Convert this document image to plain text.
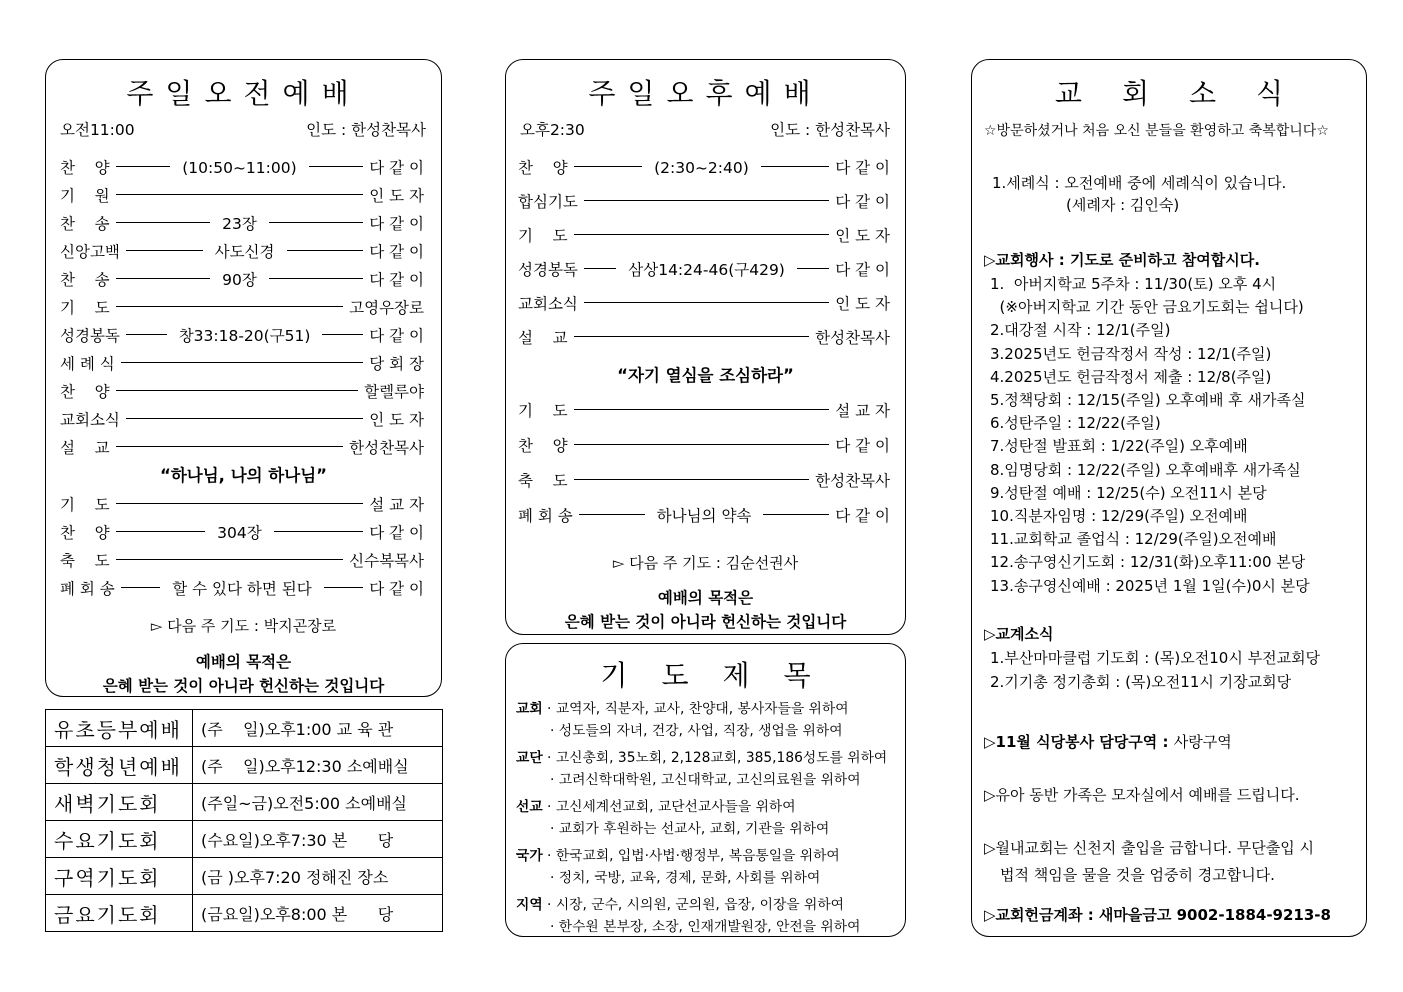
주일오전예배
오전11:00	인도 : 한성찬목사
찬    양	(10:50~11:00)	다 같 이
기    원	인 도 자
찬    송	23장	다 같 이
신앙고백	사도신경	다 같 이
찬    송	90장	다 같 이
기    도	고영우장로
성경봉독	창33:18-20(구51)	다 같 이
세 례 식	당 회 장
찬    양	할렐루야
교회소식	인 도 자
설    교	한성찬목사
“하나님, 나의 하나님”
기    도	설 교 자
찬    양	304장	다 같 이
축    도	신수복목사
폐 회 송	할 수 있다 하면 된다	다 같 이
▻ 다음 주 기도 : 박지곤장로
예배의 목적은
은혜 받는 것이 아니라 헌신하는 것입니다
유초등부예배	(주    일)오후1:00 교 육 관
학생청년예배	(주    일)오후12:30 소예배실
새벽기도회	(주일~금)오전5:00 소예배실
수요기도회	(수요일)오후7:30 본      당
구역기도회	(금 )오후7:20 정해진 장소
금요기도회	(금요일)오후8:00 본      당
주일오후예배
오후2:30	인도 : 한성찬목사
찬    양	(2:30~2:40)	다 같 이
합심기도	다 같 이
기    도	인 도 자
성경봉독	삼상14:24-46(구429)	다 같 이
교회소식	인 도 자
설    교	한성찬목사
“자기 열심을 조심하라”
기    도	설 교 자
찬    양	다 같 이
축    도	한성찬목사
폐 회 송	하나님의 약속	다 같 이
▻ 다음 주 기도 : 김순선권사
예배의 목적은
은혜 받는 것이 아니라 헌신하는 것입니다
기도제목
교회 · 교역자, 직분자, 교사, 찬양대, 봉사자들을 위하여
· 성도들의 자녀, 건강, 사업, 직장, 생업을 위하여
교단 · 고신총회, 35노회, 2,128교회, 385,186성도를 위하여
· 고려신학대학원, 고신대학교, 고신의료원을 위하여
선교 · 고신세계선교회, 교단선교사들을 위하여
· 교회가 후원하는 선교사, 교회, 기관을 위하여
국가 · 한국교회, 입법·사법·행정부, 복음통일을 위하여
· 정치, 국방, 교육, 경제, 문화, 사회를 위하여
지역 · 시장, 군수, 시의원, 군의원, 읍장, 이장을 위하여
· 한수원 본부장, 소장, 인재개발원장, 안전을 위하여
교회소식
☆방문하셨거나 처음 오신 분들을 환영하고 축복합니다☆
1.세례식 : 오전예배 중에 세례식이 있습니다.
(세례자 : 김인숙)
▷교회행사 : 기도로 준비하고 참여합시다.
1.  아버지학교 5주차 : 11/30(토) 오후 4시
(※아버지학교 기간 동안 금요기도회는 쉽니다)
2.대강절 시작 : 12/1(주일)
3.2025년도 헌금작정서 작성 : 12/1(주일)
4.2025년도 헌금작정서 제출 : 12/8(주일)
5.정책당회 : 12/15(주일) 오후예배 후 새가족실
6.성탄주일 : 12/22(주일)
7.성탄절 발표회 : 1/22(주일) 오후예배
8.임명당회 : 12/22(주일) 오후예배후 새가족실
9.성탄절 예배 : 12/25(수) 오전11시 본당
10.직분자임명 : 12/29(주일) 오전예배
11.교회학교 졸업식 : 12/29(주일)오전예배
12.송구영신기도회 : 12/31(화)오후11:00 본당
13.송구영신예배 : 2025년 1월 1일(수)0시 본당
▷교계소식
1.부산마마클럽 기도회 : (목)오전10시 부전교회당
2.기기총 정기총회 : (목)오전11시 기장교회당
▷11월 식당봉사 담당구역 : 사랑구역
▷유아 동반 가족은 모자실에서 예배를 드립니다.
▷월내교회는 신천지 출입을 금합니다. 무단출입 시
법적 책임을 물을 것을 엄중히 경고합니다.
▷교회헌금계좌 : 새마을금고 9002-1884-9213-8
